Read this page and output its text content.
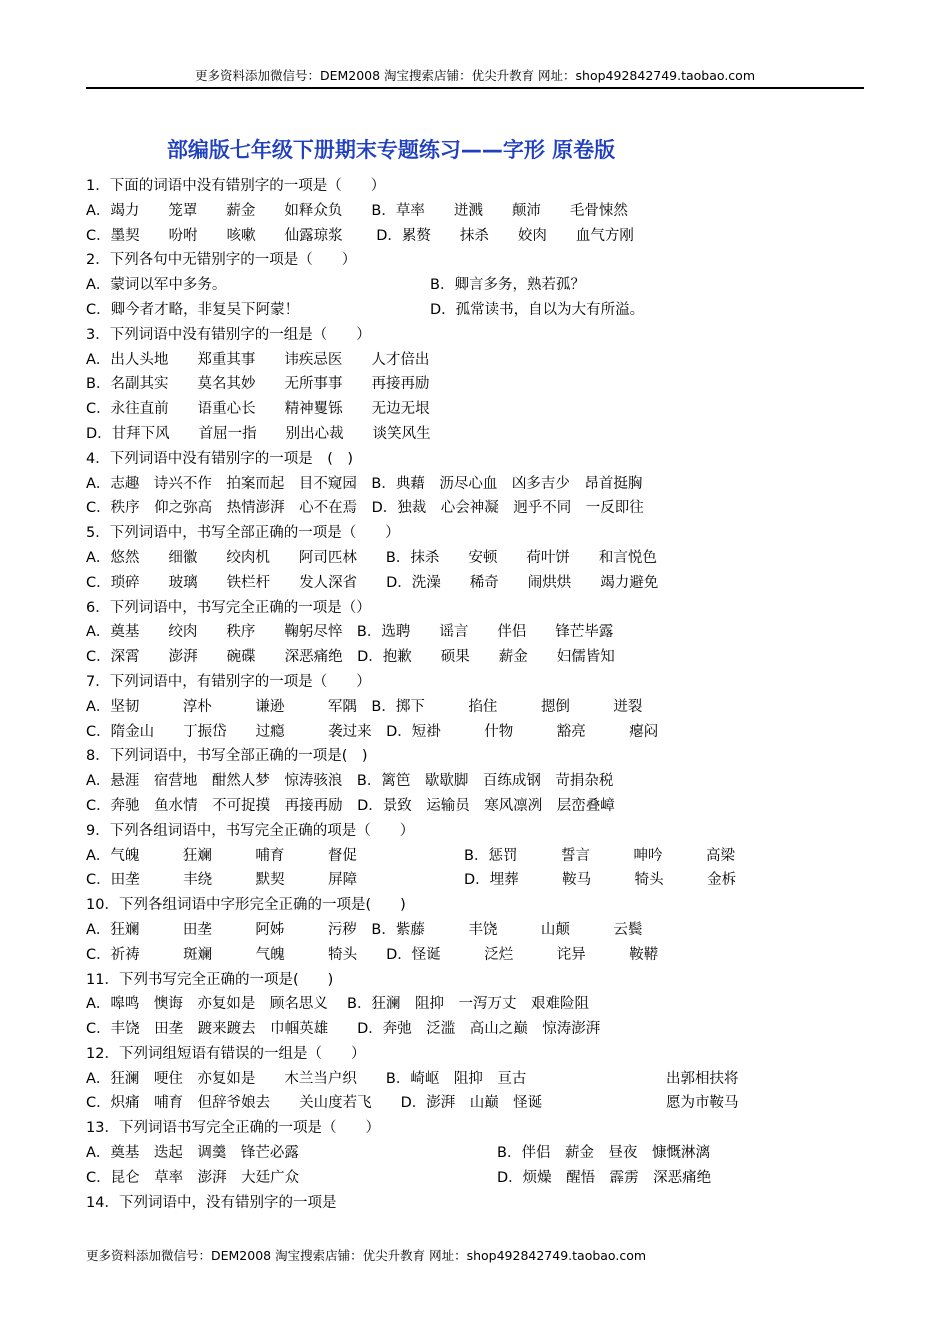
更多资料添加微信号：DEM2008 淘宝搜索店铺：优尖升教育 网址：shop492842749.taobao.com
部编版七年级下册期末专题练习——字形 原卷版
1．下面的词语中没有错别字的一项是（　　）
A．竭力　　笼罩　　薪金　　如释众负　　B．草率　　迸溅　　颠沛　　毛骨悚然
C．墨契　　吩咐　　咳嗽　　仙露琼浆　　 D．累赘　　抹杀　　姣肉　　血气方刚
2．下列各句中无错别字的一项是（　　）
A．蒙词以军中多务。	B．卿言多务，熟若孤？
C．卿今者才略，非复吴下阿蒙！	D．孤常读书，自以为大有所溢。
3．下列词语中没有错别字的一组是（　　）
A．出人头地　　郑重其事　　讳疾忌医　　人才倍出
B．名副其实　　莫名其妙　　无所事事　　再接再励
C．永往直前　　语重心长　　精神矍铄　　无边无垠
D．甘拜下风　　首屈一指　　别出心裁　　谈笑风生
4．下列词语中没有错别字的一项是　(　)
A．志趣　诗兴不作　拍案而起　目不窥园　B．典藉　沥尽心血　凶多吉少　昂首挺胸
C．秩序　仰之弥高　热情澎湃　心不在焉　D．独裁　心会神凝　迥乎不同　一反即往
5．下列词语中，书写全部正确的一项是（　　）
A．悠然　　细徽　　绞肉机　　阿司匹林　　B．抹杀　　安顿　　荷叶饼　　和言悦色
C．琐碎　　玻璃　　铁栏杆　　发人深省　　D．洗澡　　稀奇　　闹烘烘　　竭力避免
6．下列词语中，书写完全正确的一项是（）
A．奠基　　绞肉　　秩序　　鞠躬尽悴　B．选聘　　谣言　　伴侣　　锋芒毕露
C．深霄　　澎湃　　碗碟　　深恶痛绝　D．抱歉　　硕果　　薪金　　妇儒皆知
7．下列词语中，有错别字的一项是（　　）
A．坚韧　　　淳朴　　　谦逊　　　军隅　B．掷下　　　掐住　　　摁倒　　　迸裂
C．隋金山　　丁振岱　　过瘾　　　袭过来　D．短褂　　　什物　　　豁亮　　　瘪闷
8．下列词语中，书写全部正确的一项是(　)
A．悬涯　宿营地　酣然人梦　惊涛骇浪　B．篱笆　歇歇脚　百练成钢　苛捐杂税
C．奔驰　鱼水情　不可捉摸　再接再励　D．景致　运输员　寒风凛冽　层峦叠嶂
9．下列各组词语中，书写完全正确的项是（　　）
A．气魄　　　狂斓　　　哺育　　　督促	B．惩罚　　　誓言　　　呻吟　　　高梁
C．田垄　　　丰绕　　　默契　　　屏障	D．埋葬　　　鞍马　　　犄头　　　金柝
10．下列各组词语中字形完全正确的一项是(　　)
A．狂斓　　　田垄　　　阿姊　　　污秽　B．紫藤　　　丰饶　　　山颠　　　云鬓
C．祈祷　　　斑斓　　　气魄　　　犄头　　D．怪诞　　　泛烂　　　诧异　　　鞍鞯
11．下列书写完全正确的一项是(　　)
A．嗥鸣　懊诲　亦复如是　顾名思义　 B．狂澜　阻抑　一泻万丈　艰难险阻
C．丰饶　田垄　踱来踱去　巾帼英雄　　D．奔弛　泛滥　高山之巅　惊涛澎湃
12．下列词组短语有错误的一组是（　　）
A．狂澜　哽住　亦复如是　　木兰当户织　　B．崎岖　阻抑　亘古	出郭相扶将
C．炽痛　哺育　但辞爷娘去　　关山度若飞　　D．澎湃　山巅　怪诞	愿为市鞍马
13．下列词语书写完全正确的一项是（　　）
A．奠基　迭起　调羹　锋芒必露	B．伴侣　薪金　昼夜　慷慨淋漓
C．昆仑　草率　澎湃　大廷广众	D．烦燥　醒悟　霹雳　深恶痛绝
14．下列词语中，没有错别字的一项是
更多资料添加微信号：DEM2008 淘宝搜索店铺：优尖升教育 网址：shop492842749.taobao.com
